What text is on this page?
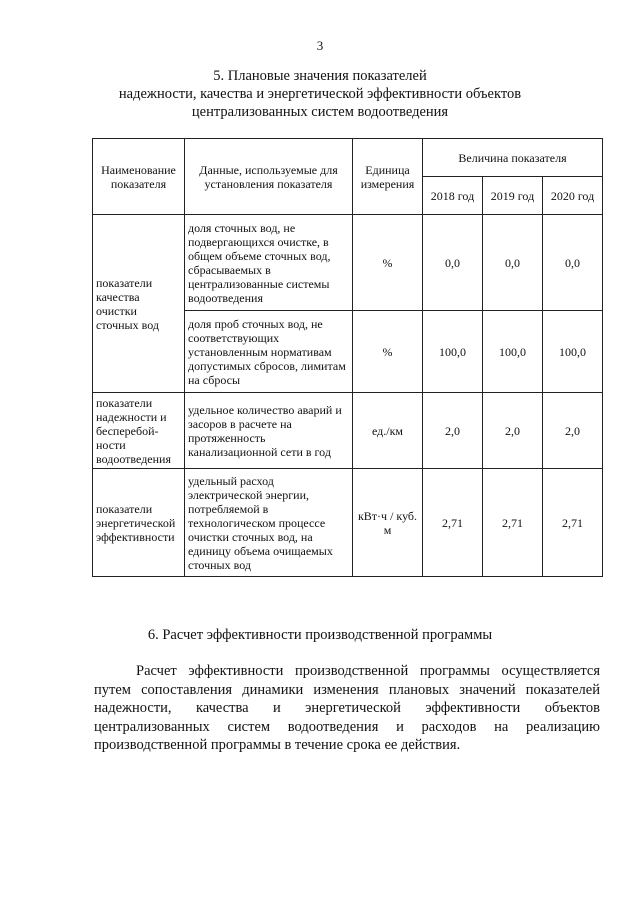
3
5. Плановые значения показателей
надежности, качества и энергетической эффективности объектов
централизованных систем водоотведения
Наименование показателя	Данные, используемые для установления показателя	Единица измерения	Величина показателя		
			2018 год	2019 год	2020 год
показатели качества очистки сточных вод	доля сточных вод, не подвергающихся очистке, в общем объеме сточных вод, сбрасываемых в централизованные системы водоотведения	%	0,0	0,0	0,0
	доля проб сточных вод, не соответствующих установленным нормативам допустимых сбросов, лимитам на сбросы	%	100,0	100,0	100,0
показатели надежности и бесперебой-ности водоотведения	удельное количество аварий и засоров в расчете на протяженность канализационной сети в год	ед./км	2,0	2,0	2,0
показатели энергетической эффективности	удельный расход электрической энергии, потребляемой в технологическом процессе очистки сточных вод, на единицу объема очищаемых сточных вод	кВт·ч / куб. м	2,71	2,71	2,71
6. Расчет эффективности производственной программы
Расчет эффективности производственной программы осуществляется путем сопоставления динамики изменения плановых значений показателей надежности, качества и энергетической эффективности объектов централизованных систем водоотведения и расходов на реализацию производственной программы в течение срока ее действия.
